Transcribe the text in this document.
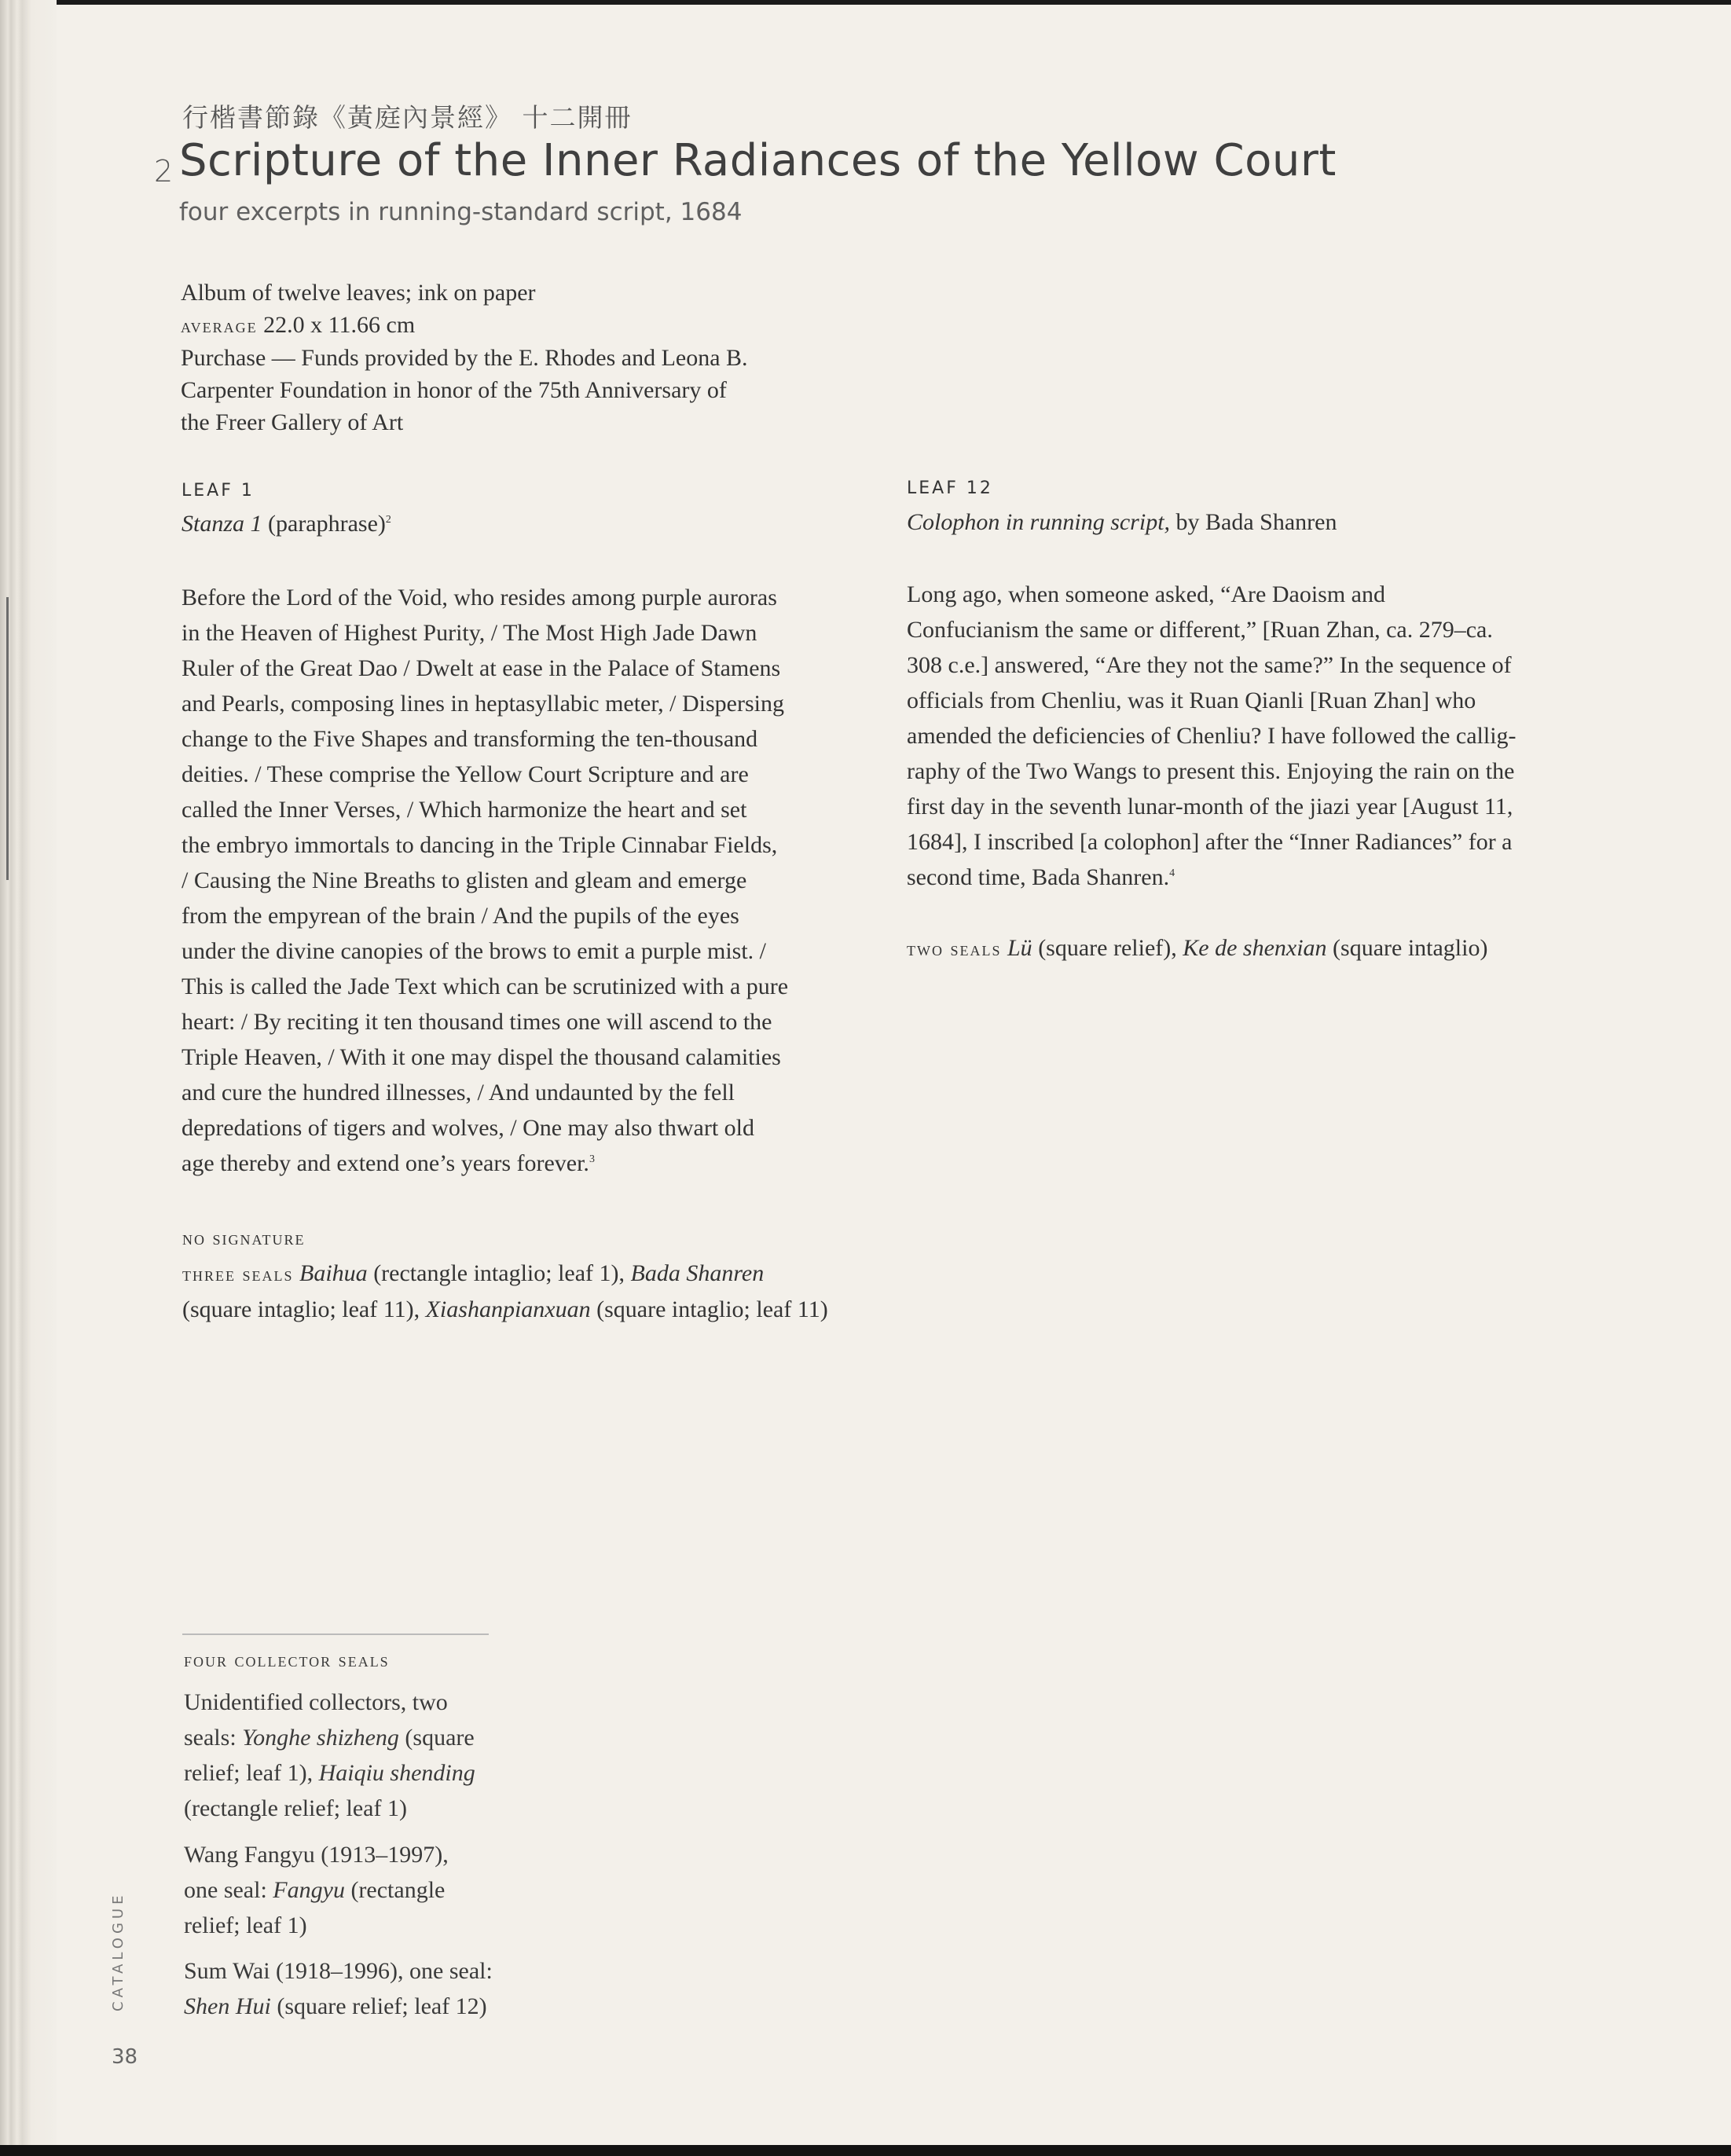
行楷書節錄《黃庭內景經》 十二開冊
2 Scripture of the Inner Radiances of the Yellow Court
four excerpts in running-standard script, 1684
Album of twelve leaves; ink on paper
average 22.0 x 11.66 cm
Purchase — Funds provided by the E. Rhodes and Leona B.
Carpenter Foundation in honor of the 75th Anniversary of
the Freer Gallery of Art
LEAF 1
Stanza 1 (paraphrase)$^2$
Before the Lord of the Void, who resides among purple auroras
in the Heaven of Highest Purity, / The Most High Jade Dawn
Ruler of the Great Dao / Dwelt at ease in the Palace of Stamens
and Pearls, composing lines in heptasyllabic meter, / Dispersing
change to the Five Shapes and transforming the ten-thousand
deities. / These comprise the Yellow Court Scripture and are
called the Inner Verses, / Which harmonize the heart and set
the embryo immortals to dancing in the Triple Cinnabar Fields,
/ Causing the Nine Breaths to glisten and gleam and emerge
from the empyrean of the brain / And the pupils of the eyes
under the divine canopies of the brows to emit a purple mist. /
This is called the Jade Text which can be scrutinized with a pure
heart: / By reciting it ten thousand times one will ascend to the
Triple Heaven, / With it one may dispel the thousand calamities
and cure the hundred illnesses, / And undaunted by the fell
depredations of tigers and wolves, / One may also thwart old
age thereby and extend one’s years forever.$^3$
no signature
three seals Baihua (rectangle intaglio; leaf 1), Bada Shanren
(square intaglio; leaf 11), Xiashanpianxuan (square intaglio; leaf 11)
LEAF 12
Colophon in running script, by Bada Shanren
Long ago, when someone asked, “Are Daoism and
Confucianism the same or different,” [Ruan Zhan, ca. 279–ca.
308 c.e.] answered, “Are they not the same?” In the sequence of
officials from Chenliu, was it Ruan Qianli [Ruan Zhan] who
amended the deficiencies of Chenliu? I have followed the callig-
raphy of the Two Wangs to present this. Enjoying the rain on the
first day in the seventh lunar-month of the jiazi year [August 11,
1684], I inscribed [a colophon] after the “Inner Radiances” for a
second time, Bada Shanren.$^4$
two seals Lü (square relief), Ke de shenxian (square intaglio)
four collector seals
Unidentified collectors, two
seals: Yonghe shizheng (square
relief; leaf 1), Haiqiu shending
(rectangle relief; leaf 1)
Wang Fangyu (1913–1997),
one seal: Fangyu (rectangle
relief; leaf 1)
Sum Wai (1918–1996), one seal:
Shen Hui (square relief; leaf 12)
CATALOGUE
38
